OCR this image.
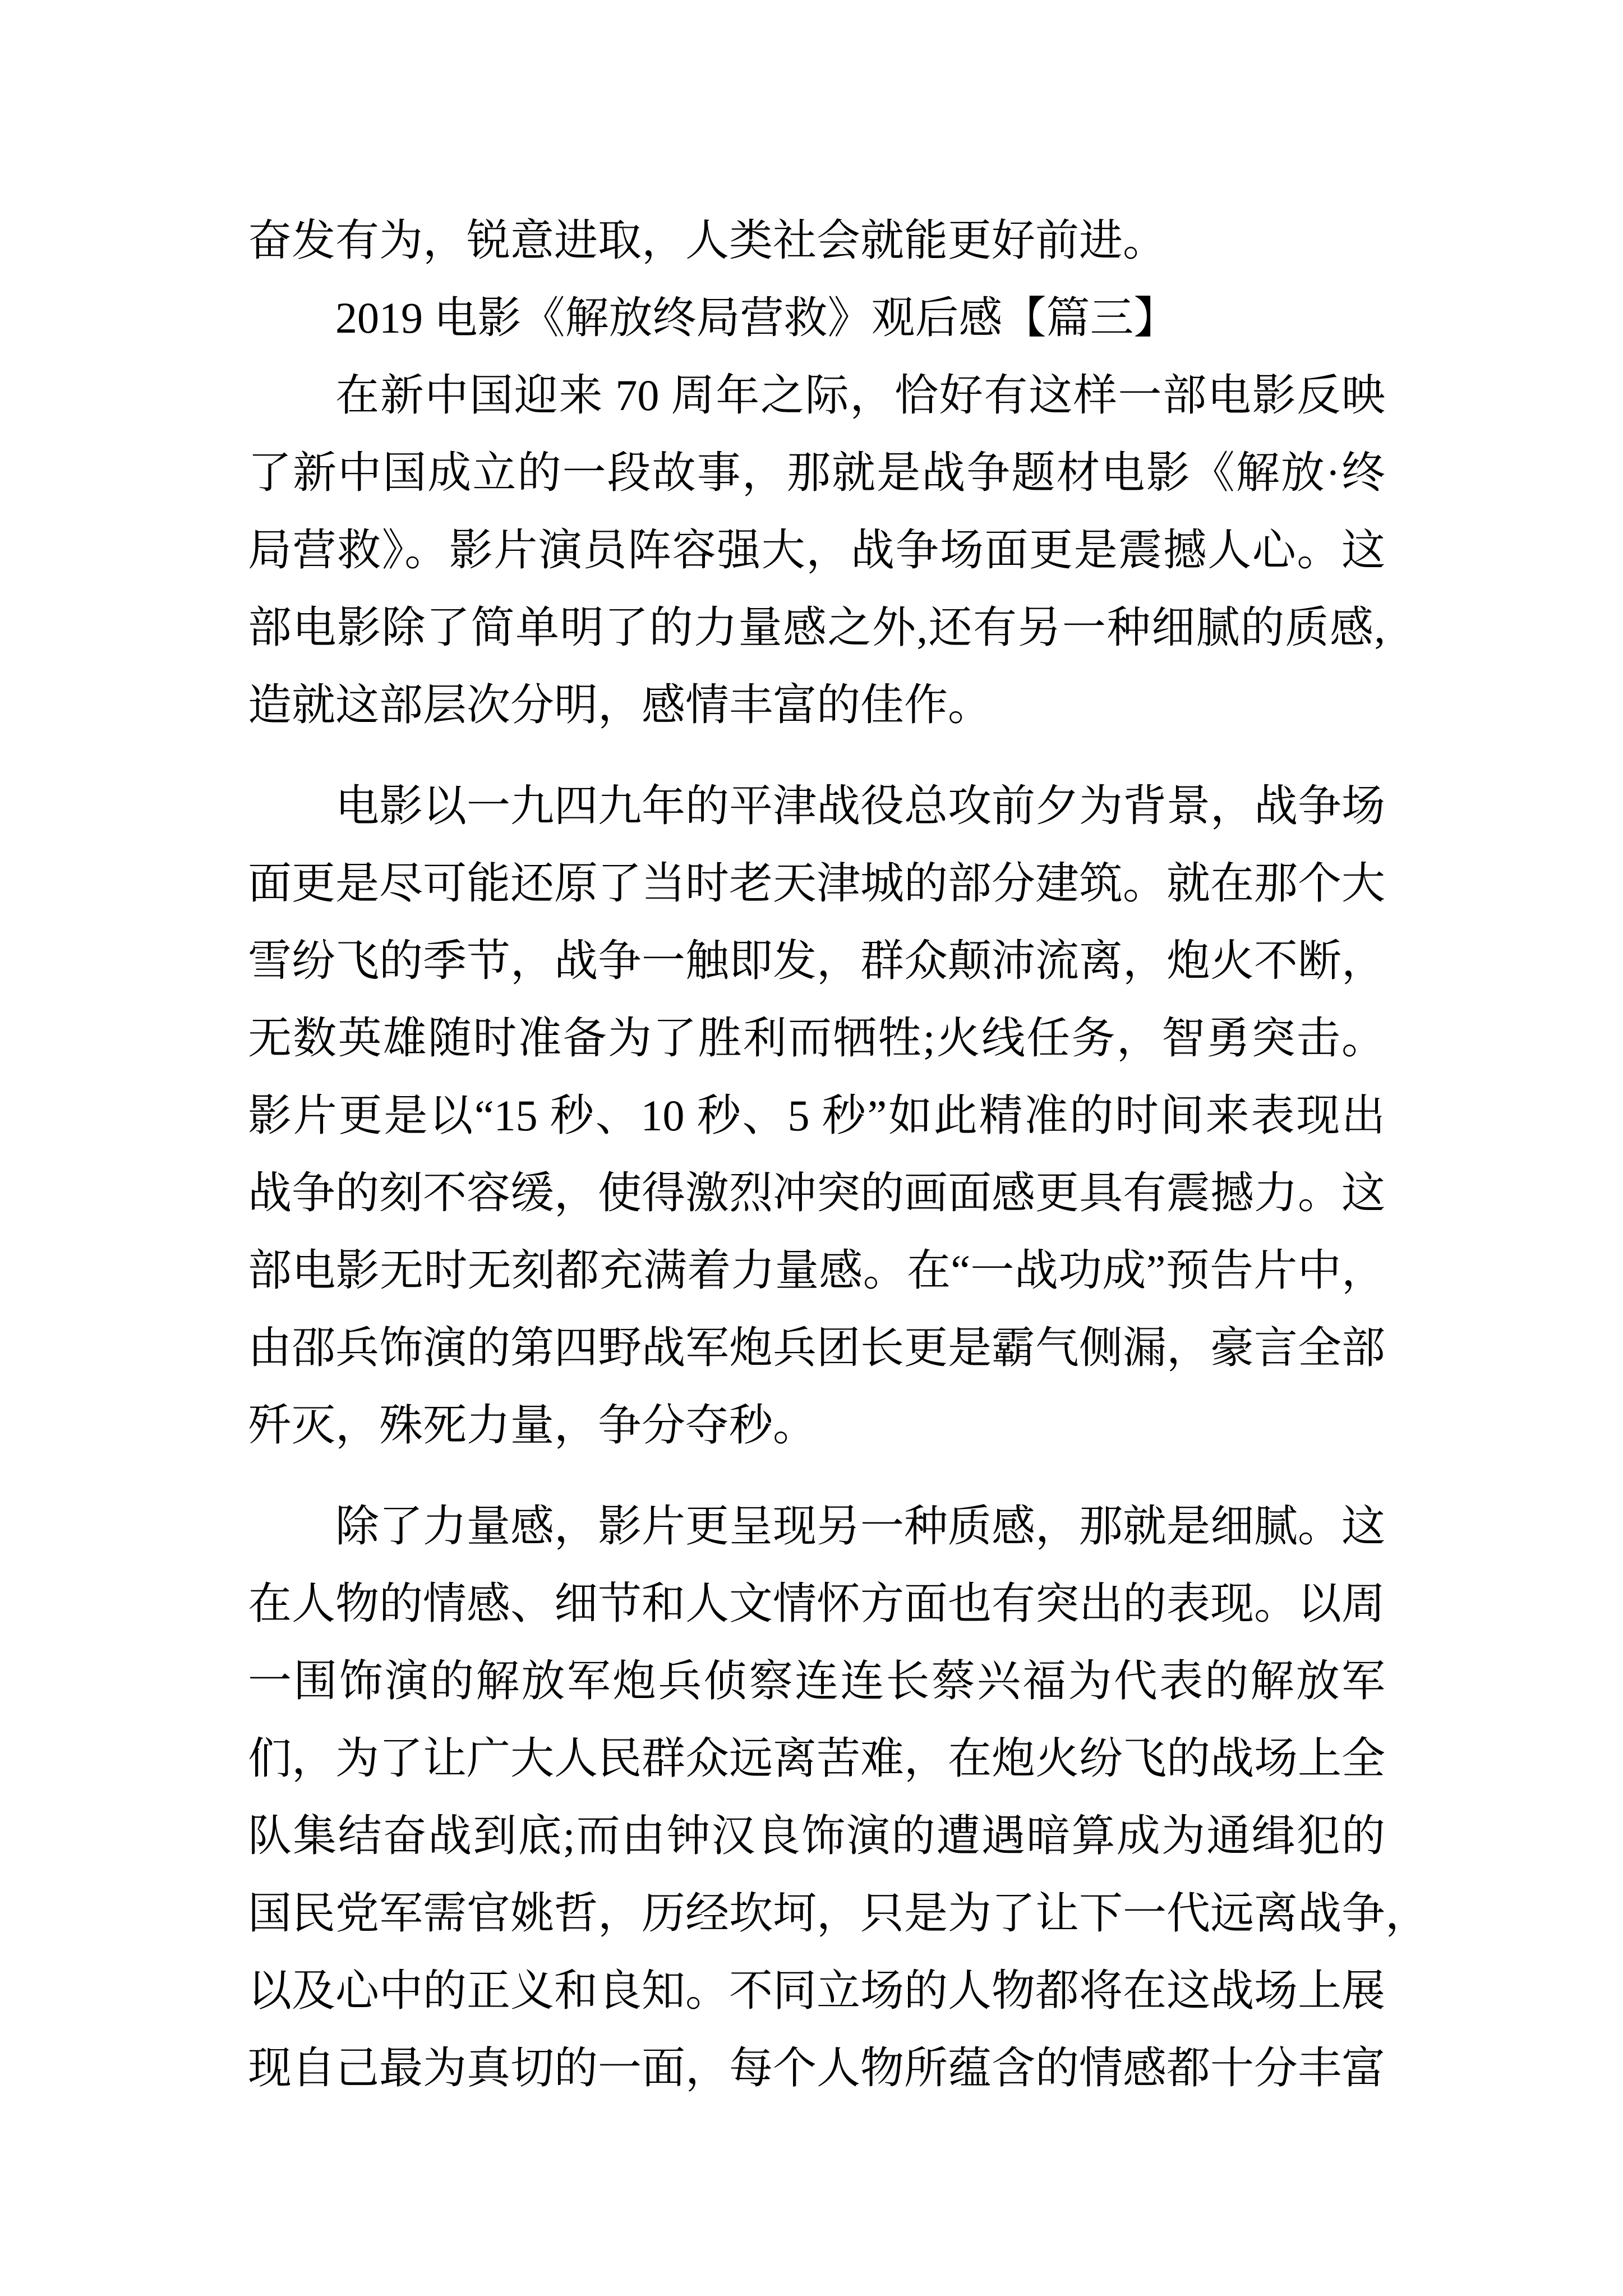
奋发有为，锐意进取，人类社会就能更好前进。
2019 电影《解放终局营救》观后感【篇三】
在新中国迎来 70 周年之际，恰好有这样一部电影反映
了新中国成立的一段故事，那就是战争题材电影《解放·终
局营救》。影片演员阵容强大，战争场面更是震撼人心。这
部电影除了简单明了的力量感之外,还有另一种细腻的质感,
造就这部层次分明，感情丰富的佳作。
电影以一九四九年的平津战役总攻前夕为背景，战争场
面更是尽可能还原了当时老天津城的部分建筑。就在那个大
雪纷飞的季节，战争一触即发，群众颠沛流离，炮火不断，
无数英雄随时准备为了胜利而牺牲;火线任务，智勇突击。
影片更是以“15 秒、10 秒、5 秒”如此精准的时间来表现出
战争的刻不容缓，使得激烈冲突的画面感更具有震撼力。这
部电影无时无刻都充满着力量感。在“一战功成”预告片中，
由邵兵饰演的第四野战军炮兵团长更是霸气侧漏，豪言全部
歼灭，殊死力量，争分夺秒。
除了力量感，影片更呈现另一种质感，那就是细腻。这
在人物的情感、细节和人文情怀方面也有突出的表现。以周
一围饰演的解放军炮兵侦察连连长蔡兴福为代表的解放军
们，为了让广大人民群众远离苦难，在炮火纷飞的战场上全
队集结奋战到底;而由钟汉良饰演的遭遇暗算成为通缉犯的
国民党军需官姚哲，历经坎坷，只是为了让下一代远离战争，
以及心中的正义和良知。不同立场的人物都将在这战场上展
现自己最为真切的一面，每个人物所蕴含的情感都十分丰富
